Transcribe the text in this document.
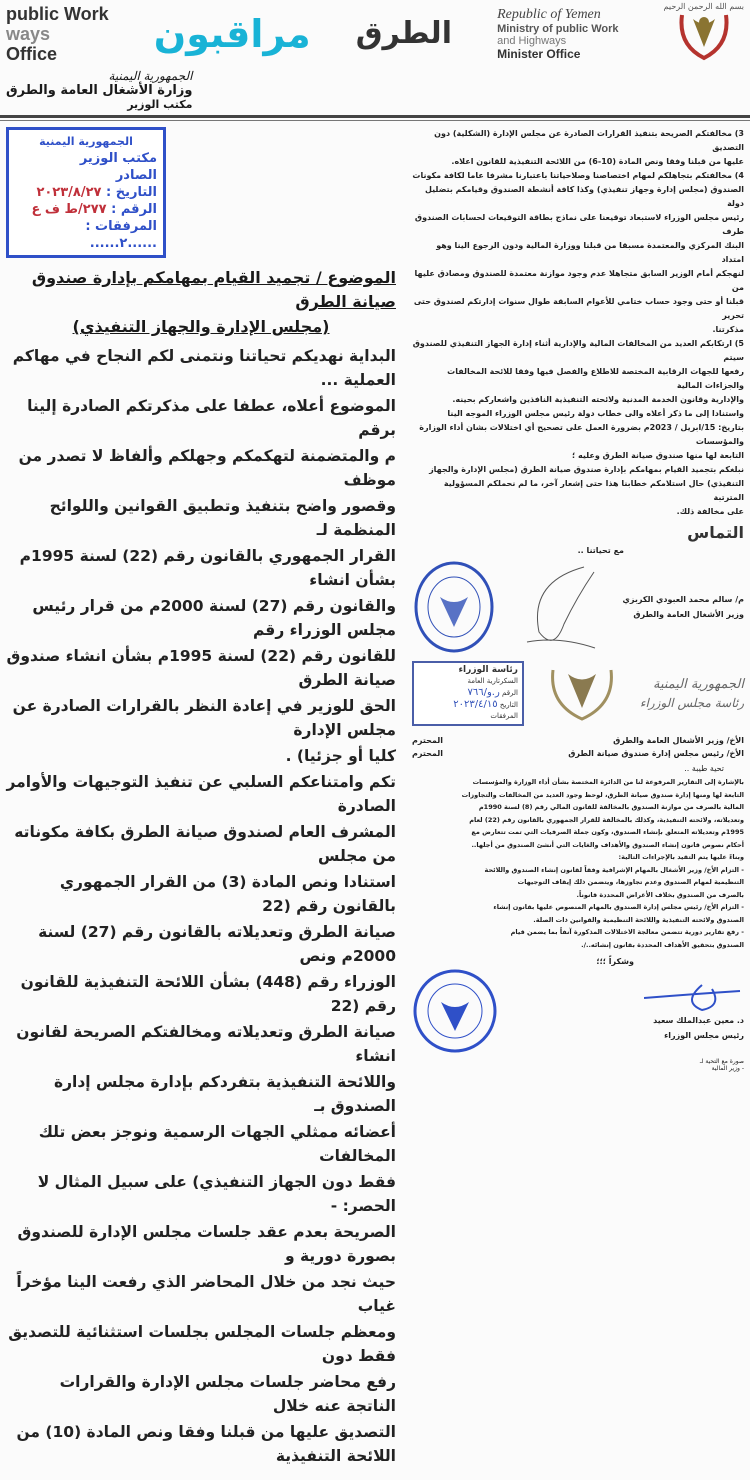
public Work
ways
Office	مراقبون الطرق
Republic of Yemen
Ministry of public Work
and Highways
Minister Office
بسم الله الرحمن الرحيم
الجمهورية اليمنية
وزارة الأشغال العامة والطرق
مكتب الوزير
الجمهورية اليمنية
مكتب الوزير
الصادر
التاريخ : ٢٠٢٣/٨/٢٧
الرقم : ٢٧٧/ط ف ع
المرفقات : ......٢......
الموضوع / تجميد القيام بمهامكم بإدارة صندوق صيانة الطرق
(مجلس الإدارة والجهاز التنفيذي)
البداية نهديكم تحياتنا ونتمنى لكم النجاح في مهاكم العملية ...
الموضوع أعلاه، عطفا على مذكرتكم الصادرة إلينا برقم
م والمتضمنة لتهكمكم وجهلكم وألفاظ لا تصدر من موظف
وقصور واضح بتنفيذ وتطبيق القوانين واللوائح المنظمة لـ
القرار الجمهوري بالقانون رقم (22) لسنة 1995م بشأن انشاء
والقانون رقم (27) لسنة 2000م من قرار رئيس مجلس الوزراء رقم
للقانون رقم (22) لسنة 1995م بشأن انشاء صندوق صيانة الطرق
الحق للوزير في إعادة النظر بالقرارات الصادرة عن مجلس الإدارة
كليا أو جزئيا) .
تكم وامتناعكم السلبي عن تنفيذ التوجيهات والأوامر الصادرة
المشرف العام لصندوق صيانة الطرق بكافة مكوناته من مجلس
استنادا ونص المادة (3) من القرار الجمهوري بالقانون رقم (22
صيانة الطرق وتعديلاته بالقانون رقم (27) لسنة 2000م ونص
الوزراء رقم (448) بشأن اللائحة التنفيذية للقانون رقم (22
صيانة الطرق وتعديلاته ومخالفتكم الصريحة لقانون انشاء
واللائحة التنفيذية بتفردكم بإدارة مجلس إدارة الصندوق بـ
أعضائه ممثلي الجهات الرسمية ونوجز بعض تلك المخالفات
فقط دون الجهاز التنفيذي) على سبيل المثال لا الحصر: -
الصريحة بعدم عقد جلسات مجلس الإدارة للصندوق بصورة دورية و
حيث نجد من خلال المحاضر الذي رفعت الينا مؤخراً غياب
ومعظم جلسات المجلس بجلسات استثنائية للتصديق فقط دون
رفع محاضر جلسات مجلس الإدارة والقرارات الناتجة عنه خلال
التصديق عليها من قبلنا وفقا ونص المادة (10) من اللائحة التنفيذية
3) مخالفتكم الصريحة بتنفيذ القرارات الصادرة عن مجلس الإدارة (الشكلية) دون التصديق
عليها من قبلنا وفقا ونص المادة (10-6) من اللائحة التنفيذية للقانون اعلاه.
4) مخالفتكم بتجاهلكم لمهام اختصاصنا وصلاحياتنا باعتبارنا مشرفا عاما لكافة مكونات
الصندوق (مجلس إدارة وجهاز تنفيذي) وكذا كافة أنشطة الصندوق وقيامكم بتضليل دولة
رئيس مجلس الوزراء لاستبعاد توقيعنا على نماذج بطاقة التوقيعات لحسابات الصندوق طرف
البنك المركزي والمعتمدة مسبقا من قبلنا ووزارة المالية ودون الرجوع الينا وهو امتداد
لنهجكم أمام الوزير السابق متجاهلا عدم وجود موازنة معتمدة للصندوق ومصادق عليها من
قبلنا أو حتى وجود حساب ختامي للأعوام السابقة طوال سنوات إدارتكم لصندوق حتى تحرير
مذكرتنا.
5) ارتكابكم العديد من المخالفات المالية والإدارية أثناء إدارة الجهاز التنفيذي للصندوق سيتم
رفعها للجهات الرقابية المختصة للاطلاع والفصل فيها وفقا للائحة المخالفات والجزاءات المالية
والإدارية وقانون الخدمة المدنية ولائحته التنفيذية النافذين واشعاركم بحينه.
واستنادا إلى ما ذكر أعلاه والى خطاب دولة رئيس مجلس الوزراء الموجه الينا
بتاريخ: 15/ابريل / 2023م بضرورة العمل على تصحيح أي اختلالات بشان أداء الوزارة والمؤسسات
التابعة لها منها صندوق صيانة الطرق وعليه ؛
نبلغكم بتجميد القيام بمهامكم بإدارة صندوق صيانة الطرق (مجلس الإدارة والجهاز
التنفيذي) حال استلامكم خطابنا هذا حتى إشعار آخر، ما لم نحملكم المسؤولية المترتبة
على مخالفة ذلك.
التماس
مع تحياتنا ..
م/ سالم محمد العبودي الكربزي
وزير الأشغال العامة والطرق
رئاسة الوزراء
السكرتارية العامة
الرقم ر.و/٧٦٦
التاريخ ٢٠٢٣/٤/١٥
المرفقات
الجمهورية اليمنية
رئاسة مجلس الوزراء
الأخ/ وزير الأشغال العامة والطرق
المحترم
الأخ/ رئيس مجلس إدارة صندوق صيانة الطرق
المحترم
تحية طيبة ..
بالإشارة إلى التقارير المرفوعة لنا من الدائرة المختصة بشأن أداء الوزارة والمؤسسات
التابعة لها ومنها إدارة صندوق صيانة الطرق، لوحظ وجود العديد من المخالفات والتجاوزات
المالية بالصرف من موازنة الصندوق بالمخالفة للقانون المالي رقم (8) لسنة 1990م
وتعديلاته، ولائحته التنفيذية، وكذلك بالمخالفة للقرار الجمهوري بالقانون رقم (22) لعام
1995م وتعديلاته المتعلق بإنشاء الصندوق، وكون جملة الصرفيات التي تمت تتعارض مع
أحكام نصوص قانون إنشاء الصندوق والأهداف والغايات التي أنشئ الصندوق من أجلها..
وبناءً عليها يتم التقيد بالإجراءات التالية:
- التزام الأخ/ وزير الأشغال بالمهام الإشرافية وفقاً لقانون إنشاء الصندوق واللائحة
التنظيمية لمهام الصندوق وعدم تجاوزها، ويتضمن ذلك إيقاف التوجيهات
بالصرف من الصندوق بخلاف الأغراض المحددة قانوناً.
- التزام الأخ/ رئيس مجلس إدارة الصندوق بالمهام المنصوص عليها بقانون إنشاء
الصندوق ولائحته التنفيذية واللائحة التنظيمية والقوانين ذات الصلة.
- رفع تقارير دورية تتضمن معالجة الاختلالات المذكورة آنفاً بما يضمن قيام
الصندوق بتحقيق الأهداف المحددة بقانون إنشائه../.
وشكراً ؛؛؛
د. معين عبدالملك سعيد
رئيس مجلس الوزراء
صورة مع التحية لـ
- وزير المالية
